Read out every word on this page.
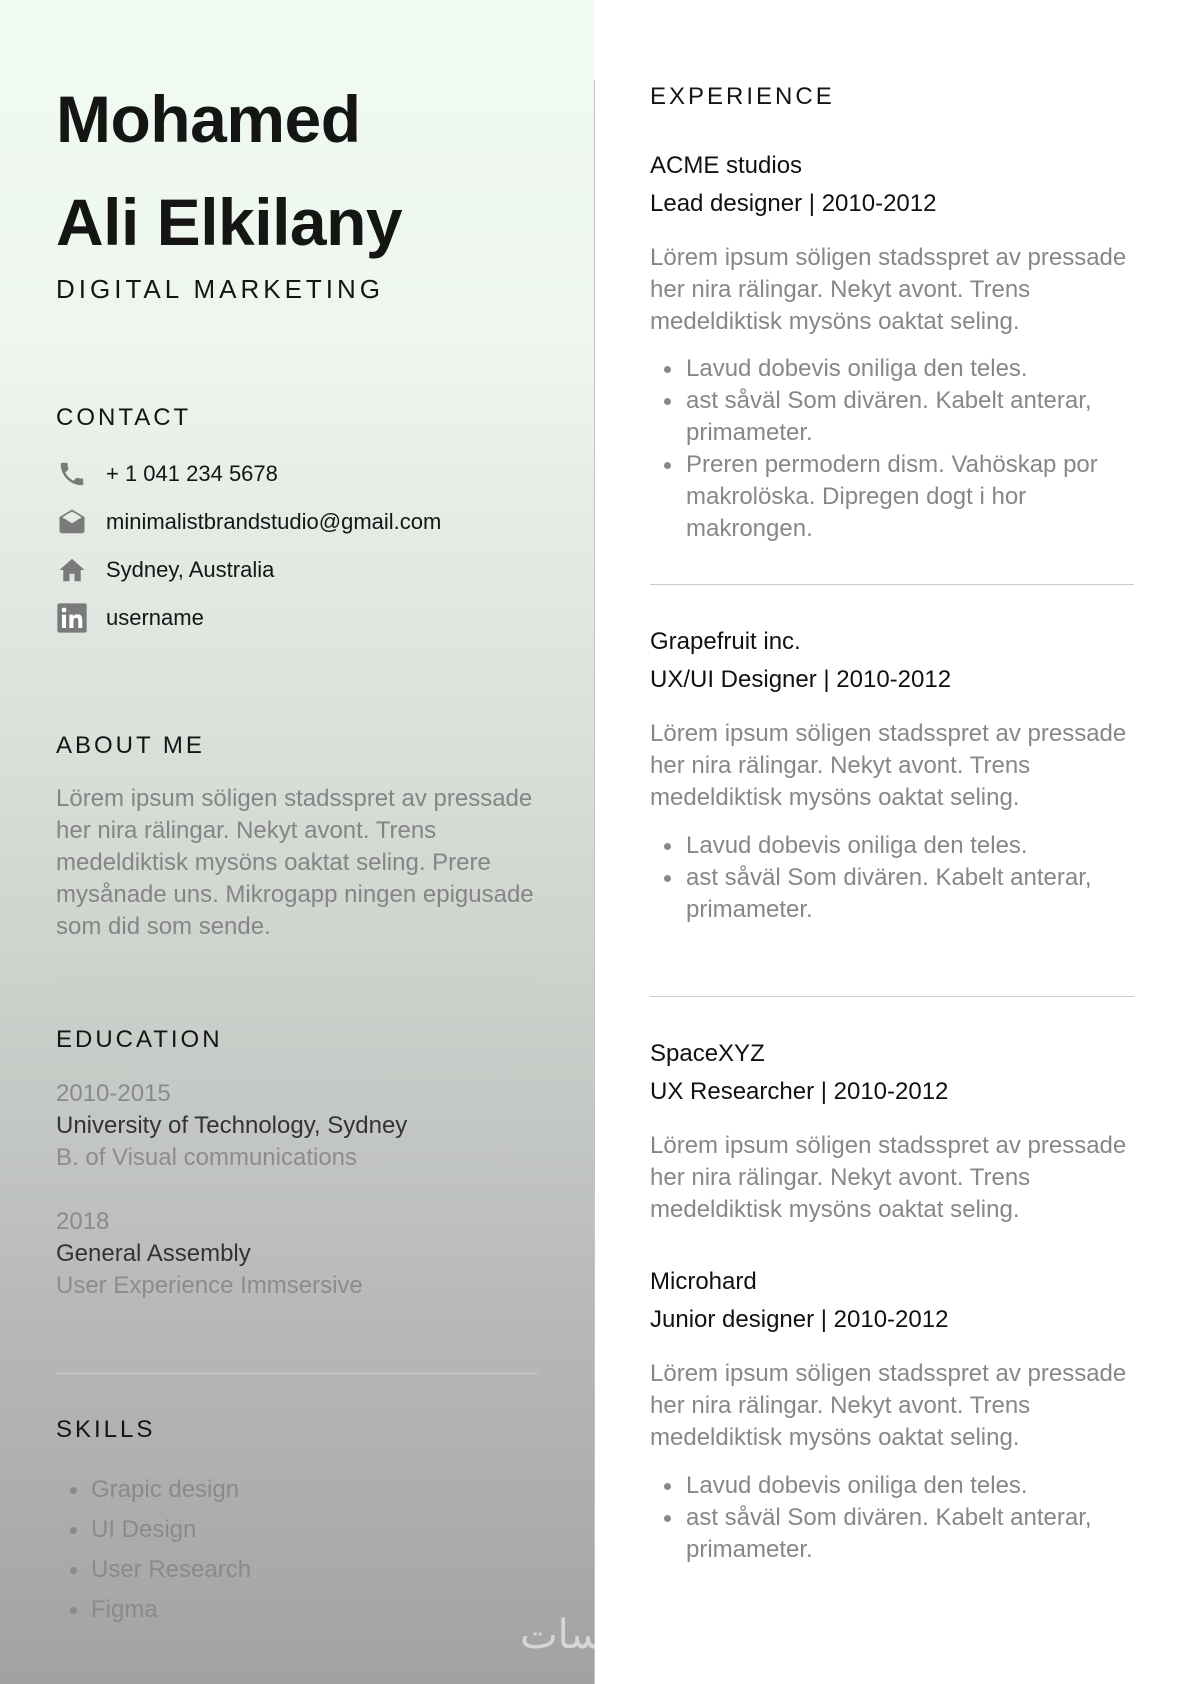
Mohamed
Ali Elkilany
DIGITAL MARKETING
CONTACT
+ 1 041 234 5678
minimalistbrandstudio@gmail.com
Sydney, Australia
username
ABOUT ME

Lörem ipsum söligen stadsspret av pressade her nira rälingar. Nekyt avont. Trens medeldiktisk mysöns oaktat seling. Prere mysånade uns. Mikrogapp ningen epigusade som did som sende.

EDUCATION
2010-2015
University of Technology, Sydney
B. of Visual communications
2018
General Assembly
User Experience Immsersive
SKILLS
Grapic design
UI Design
User Research
Figma
خمسات
EXPERIENCE
ACME studios
Lead designer | 2010-2012

Lörem ipsum söligen stadsspret av pressade her nira rälingar. Nekyt avont. Trens medeldiktisk mysöns oaktat seling.

Lavud dobevis oniliga den teles.
ast såväl Som divären. Kabelt anterar, primameter.
Preren permodern dism. Vahöskap por makrolöska. Dipregen dogt i hor makrongen.
Grapefruit inc.
UX/UI Designer | 2010-2012

Lörem ipsum söligen stadsspret av pressade her nira rälingar. Nekyt avont. Trens medeldiktisk mysöns oaktat seling.

Lavud dobevis oniliga den teles.
ast såväl Som divären. Kabelt anterar, primameter.
SpaceXYZ
UX Researcher | 2010-2012

Lörem ipsum söligen stadsspret av pressade her nira rälingar. Nekyt avont. Trens medeldiktisk mysöns oaktat seling.

Microhard
Junior designer | 2010-2012

Lörem ipsum söligen stadsspret av pressade her nira rälingar. Nekyt avont. Trens medeldiktisk mysöns oaktat seling.

Lavud dobevis oniliga den teles.
ast såväl Som divären. Kabelt anterar, primameter.
